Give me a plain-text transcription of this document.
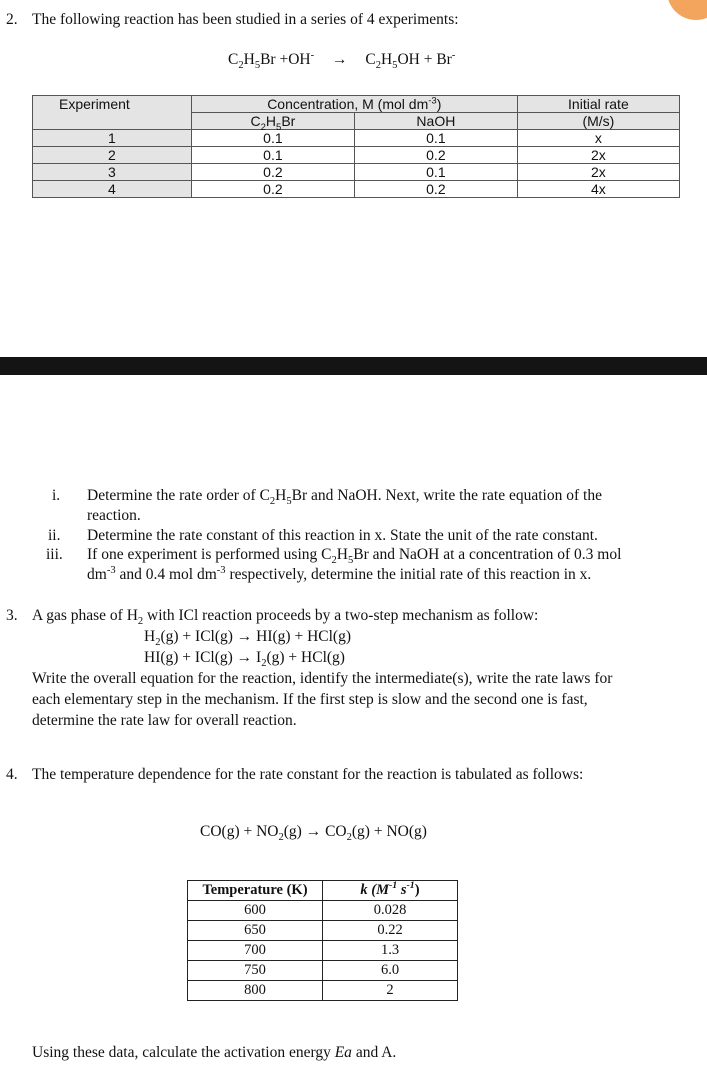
2. The following reaction has been studied in a series of 4 experiments:
$C_2H_5Br +OH^- \to C_2H_5OH + Br^-$
Experiment	Concentration, M (mol $dm^{-3}$)		Initial rate
	$C_2H_5Br$	NaOH	(M/s)
1	0.1	0.1	x
2	0.1	0.2	2x
3	0.2	0.1	2x
4	0.2	0.2	4x
i. Determine the rate order of $C_2H_5Br$ and NaOH. Next, write the rate equation of the
reaction.
ii. Determine the rate constant of this reaction in x. State the unit of the rate constant.
iii. If one experiment is performed using $C_2H_5Br$ and NaOH at a concentration of 0.3 mol
$dm^{-3}$ and 0.4 mol $dm^{-3}$ respectively, determine the initial rate of this reaction in x.
3. A gas phase of $H_2$ with ICl reaction proceeds by a two-step mechanism as follow:
$H_2(g) + ICl(g) \to HI(g) + HCl(g)$
$HI(g) + ICl(g) \to I_2(g) + HCl(g)$
Write the overall equation for the reaction, identify the intermediate(s), write the rate laws for
each elementary step in the mechanism. If the first step is slow and the second one is fast,
determine the rate law for overall reaction.
4. The temperature dependence for the rate constant for the reaction is tabulated as follows:
$CO(g) + NO_2(g) \to CO_2(g) + NO(g)$
Temperature (K)	k ($M^{-1}$ $s^{-1}$)
600	0.028
650	0.22
700	1.3
750	6.0
800	2
Using these data, calculate the activation energy Ea and A.
